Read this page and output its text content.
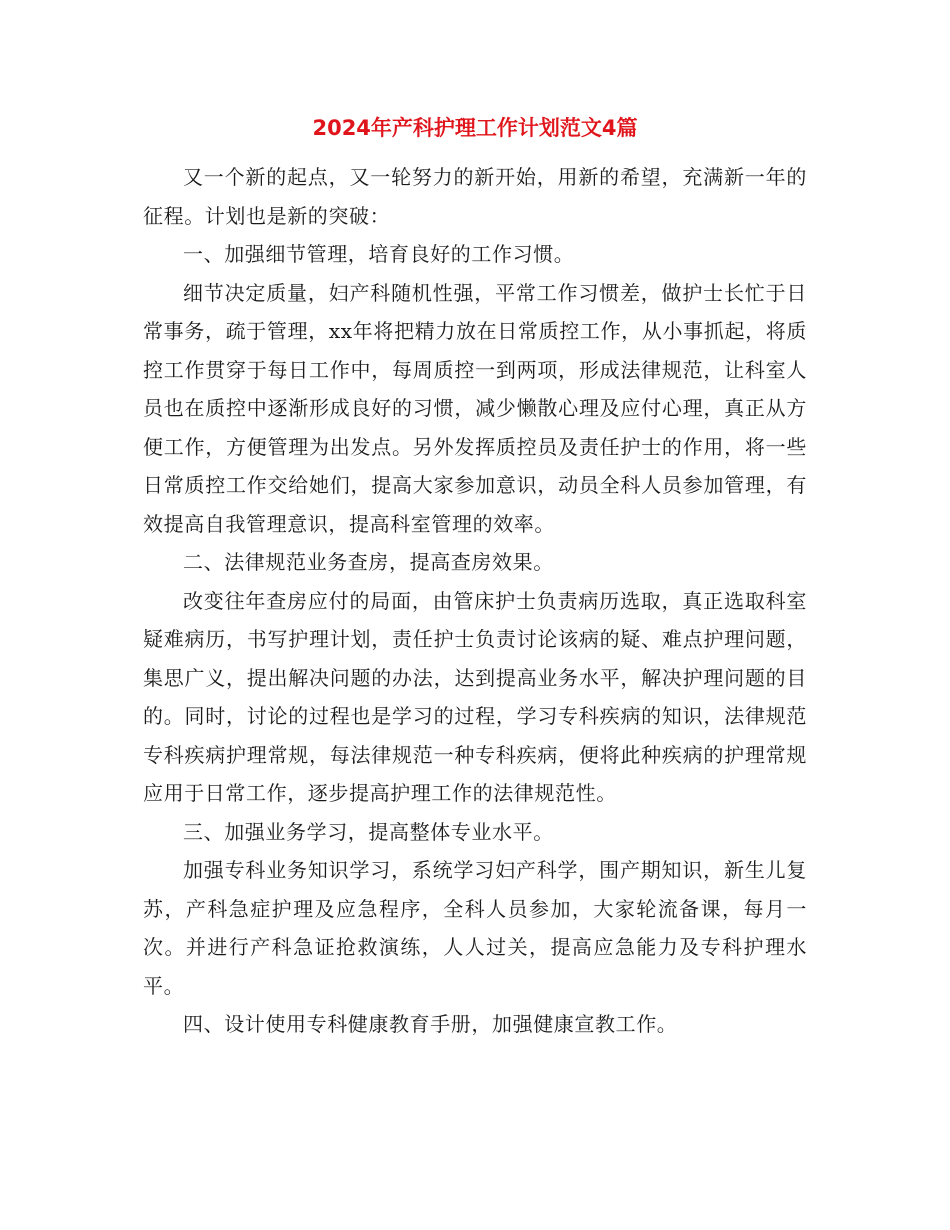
2024年产科护理工作计划范文4篇

又一个新的起点，又一轮努力的新开始，用新的希望，充满新一年的征程。计划也是新的突破：

一、加强细节管理，培育良好的工作习惯。

细节决定质量，妇产科随机性强，平常工作习惯差，做护士长忙于日常事务，疏于管理，xx年将把精力放在日常质控工作，从小事抓起，将质控工作贯穿于每日工作中，每周质控一到两项，形成法律规范，让科室人员也在质控中逐渐形成良好的习惯，减少懒散心理及应付心理，真正从方便工作，方便管理为出发点。另外发挥质控员及责任护士的作用，将一些日常质控工作交给她们，提高大家参加意识，动员全科人员参加管理，有效提高自我管理意识，提高科室管理的效率。

二、法律规范业务查房，提高查房效果。

改变往年查房应付的局面，由管床护士负责病历选取，真正选取科室疑难病历，书写护理计划，责任护士负责讨论该病的疑、难点护理问题，集思广义，提出解决问题的办法，达到提高业务水平，解决护理问题的目的。同时，讨论的过程也是学习的过程，学习专科疾病的知识，法律规范专科疾病护理常规，每法律规范一种专科疾病，便将此种疾病的护理常规应用于日常工作，逐步提高护理工作的法律规范性。

三、加强业务学习，提高整体专业水平。

加强专科业务知识学习，系统学习妇产科学，围产期知识，新生儿复苏，产科急症护理及应急程序，全科人员参加，大家轮流备课，每月一次。并进行产科急证抢救演练，人人过关，提高应急能力及专科护理水平。

四、设计使用专科健康教育手册，加强健康宣教工作。
